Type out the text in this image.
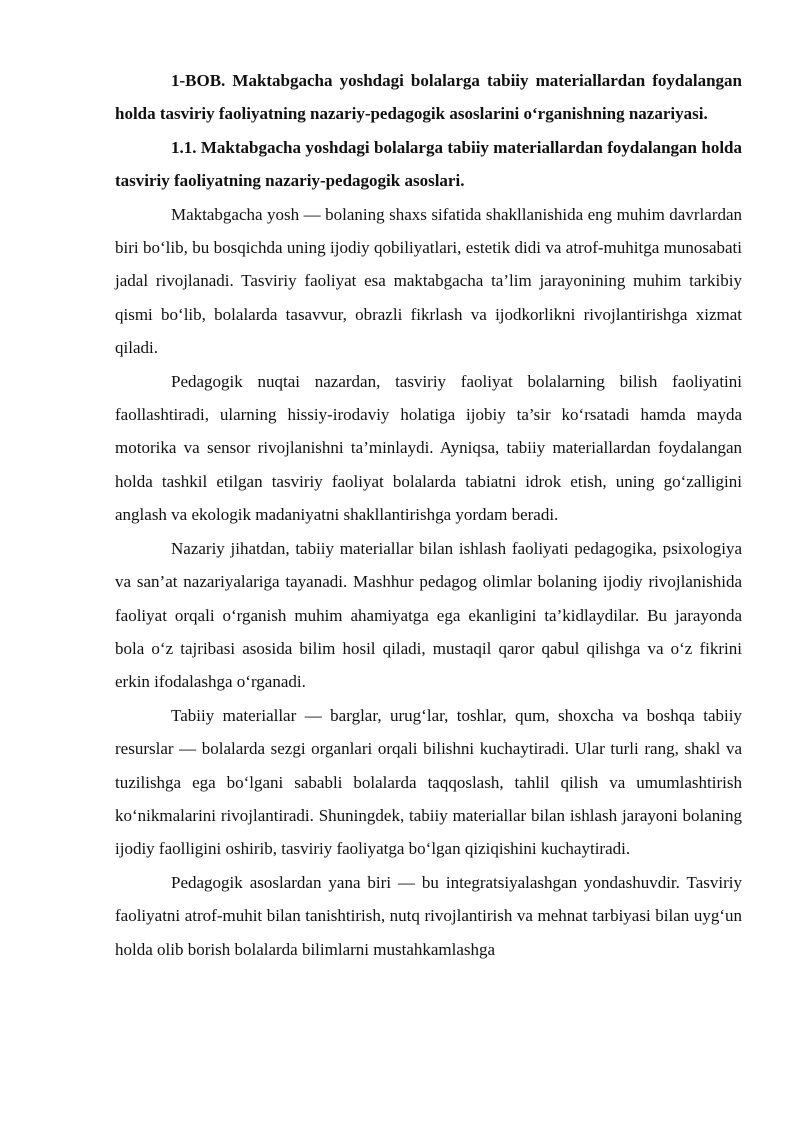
1-BOB. Maktabgacha yoshdagi bolalarga tabiiy materiallardan foydalangan holda tasviriy faoliyatning nazariy-pedagogik asoslarini o‘rganishning nazariyasi.

1.1. Maktabgacha yoshdagi bolalarga tabiiy materiallardan foydalangan holda tasviriy faoliyatning nazariy-pedagogik asoslari.

Maktabgacha yosh — bolaning shaxs sifatida shakllanishida eng muhim davrlardan biri bo‘lib, bu bosqichda uning ijodiy qobiliyatlari, estetik didi va atrof-muhitga munosabati jadal rivojlanadi. Tasviriy faoliyat esa maktabgacha ta’lim jarayonining muhim tarkibiy qismi bo‘lib, bolalarda tasavvur, obrazli fikrlash va ijodkorlikni rivojlantirishga xizmat qiladi.

Pedagogik nuqtai nazardan, tasviriy faoliyat bolalarning bilish faoliyatini faollashtiradi, ularning hissiy-irodaviy holatiga ijobiy ta’sir ko‘rsatadi hamda mayda motorika va sensor rivojlanishni ta’minlaydi. Ayniqsa, tabiiy materiallardan foydalangan holda tashkil etilgan tasviriy faoliyat bolalarda tabiatni idrok etish, uning go‘zalligini anglash va ekologik madaniyatni shakllantirishga yordam beradi.

Nazariy jihatdan, tabiiy materiallar bilan ishlash faoliyati pedagogika, psixologiya va san’at nazariyalariga tayanadi. Mashhur pedagog olimlar bolaning ijodiy rivojlanishida faoliyat orqali o‘rganish muhim ahamiyatga ega ekanligini ta’kidlaydilar. Bu jarayonda bola o‘z tajribasi asosida bilim hosil qiladi, mustaqil qaror qabul qilishga va o‘z fikrini erkin ifodalashga o‘rganadi.

Tabiiy materiallar — barglar, urug‘lar, toshlar, qum, shoxcha va boshqa tabiiy resurslar — bolalarda sezgi organlari orqali bilishni kuchaytiradi. Ular turli rang, shakl va tuzilishga ega bo‘lgani sababli bolalarda taqqoslash, tahlil qilish va umumlashtirish ko‘nikmalarini rivojlantiradi. Shuningdek, tabiiy materiallar bilan ishlash jarayoni bolaning ijodiy faolligini oshirib, tasviriy faoliyatga bo‘lgan qiziqishini kuchaytiradi.

Pedagogik asoslardan yana biri — bu integratsiyalashgan yondashuvdir. Tasviriy faoliyatni atrof-muhit bilan tanishtirish, nutq rivojlantirish va mehnat tarbiyasi bilan uyg‘un holda olib borish bolalarda bilimlarni mustahkamlashga
